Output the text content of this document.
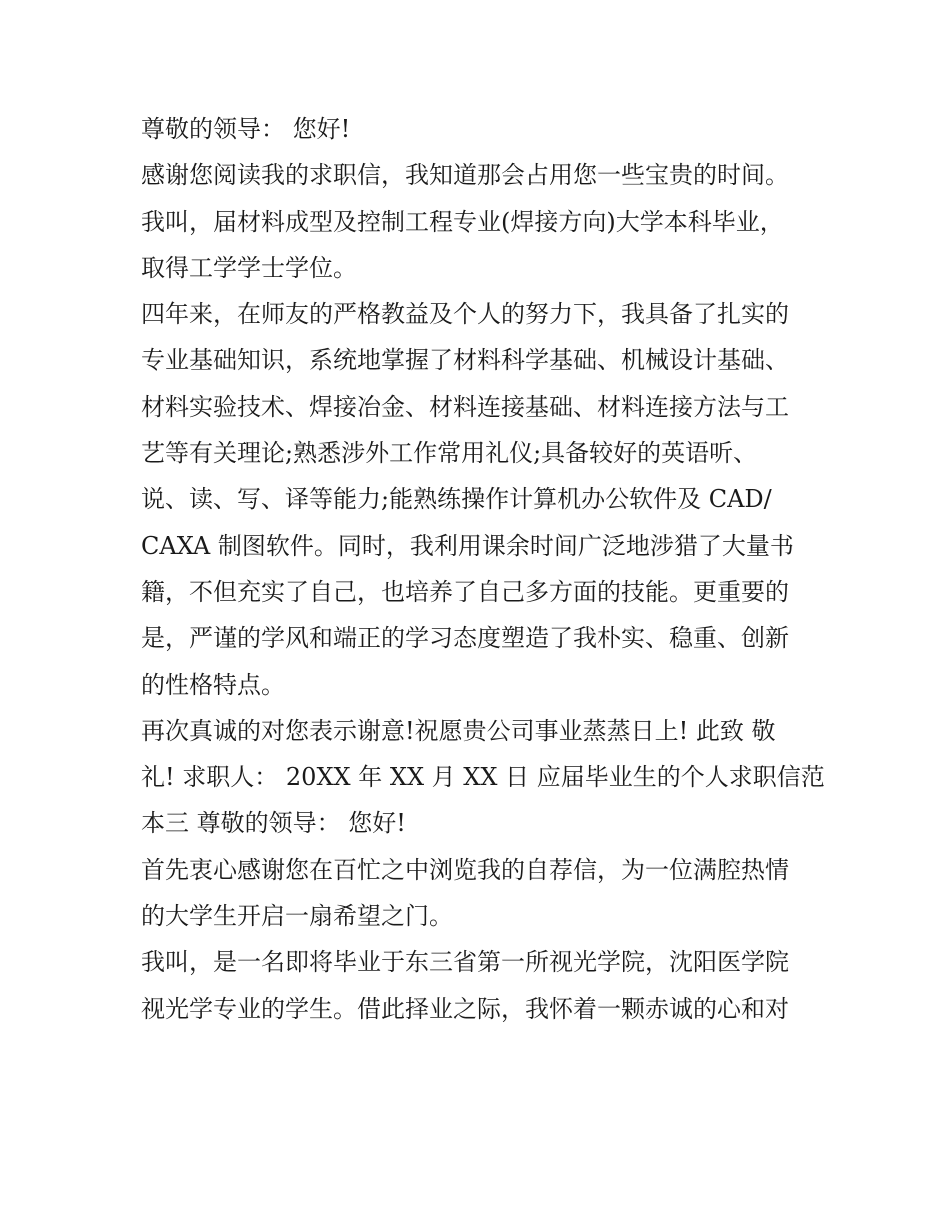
尊敬的领导： 您好!
感谢您阅读我的求职信，我知道那会占用您一些宝贵的时间。
我叫，届材料成型及控制工程专业(焊接方向)大学本科毕业，
取得工学学士学位。
四年来，在师友的严格教益及个人的努力下，我具备了扎实的
专业基础知识，系统地掌握了材料科学基础、机械设计基础、
材料实验技术、焊接冶金、材料连接基础、材料连接方法与工
艺等有关理论;熟悉涉外工作常用礼仪;具备较好的英语听、
说、读、写、译等能力;能熟练操作计算机办公软件及 CAD/
CAXA 制图软件。同时，我利用课余时间广泛地涉猎了大量书
籍，不但充实了自己，也培养了自己多方面的技能。更重要的
是，严谨的学风和端正的学习态度塑造了我朴实、稳重、创新
的性格特点。
再次真诚的对您表示谢意!祝愿贵公司事业蒸蒸日上! 此致 敬
礼! 求职人： 20XX 年 XX 月 XX 日 应届毕业生的个人求职信范
本三 尊敬的领导： 您好!
首先衷心感谢您在百忙之中浏览我的自荐信，为一位满腔热情
的大学生开启一扇希望之门。
我叫，是一名即将毕业于东三省第一所视光学院，沈阳医学院
视光学专业的学生。借此择业之际，我怀着一颗赤诚的心和对
